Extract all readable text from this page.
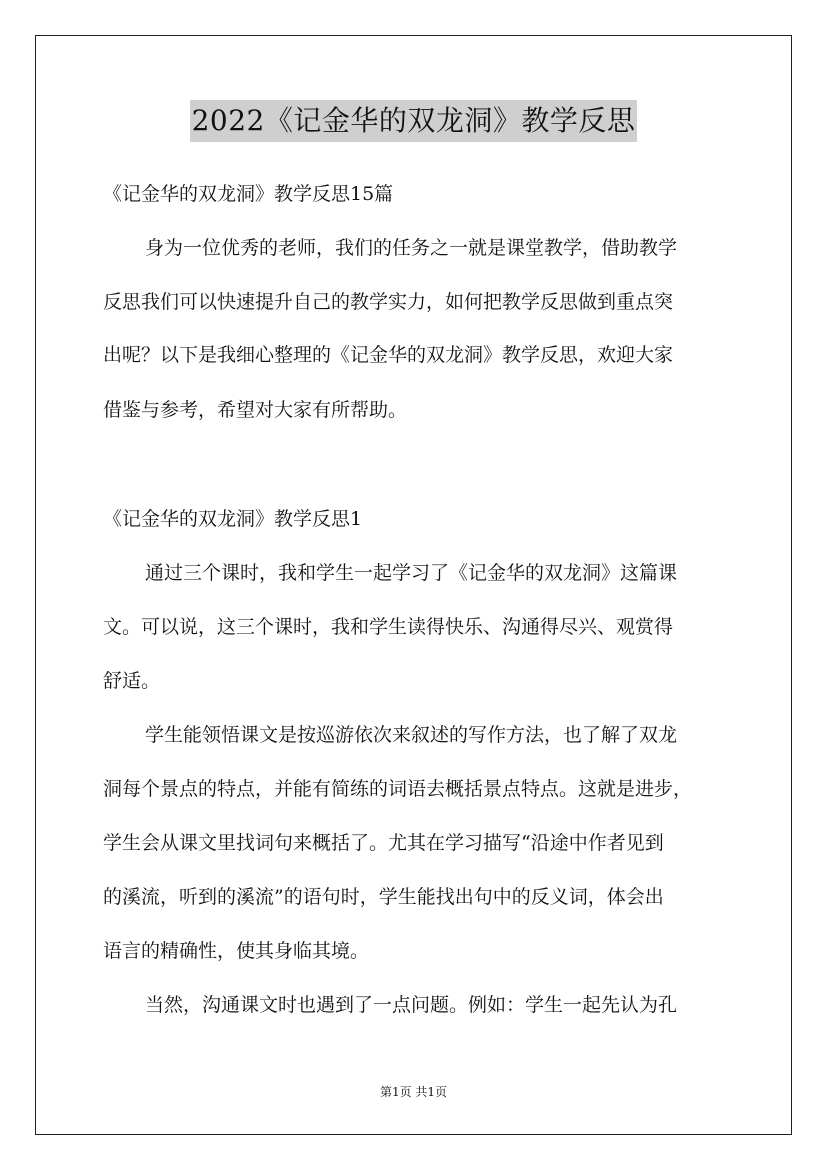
2022《记金华的双龙洞》教学反思
《记金华的双龙洞》教学反思15篇
身为一位优秀的老师，我们的任务之一就是课堂教学，借助教学
反思我们可以快速提升自己的教学实力，如何把教学反思做到重点突
出呢？以下是我细心整理的《记金华的双龙洞》教学反思，欢迎大家
借鉴与参考，希望对大家有所帮助。
《记金华的双龙洞》教学反思1
通过三个课时，我和学生一起学习了《记金华的双龙洞》这篇课
文。可以说，这三个课时，我和学生读得快乐、沟通得尽兴、观赏得
舒适。
学生能领悟课文是按巡游依次来叙述的写作方法，也了解了双龙
洞每个景点的特点，并能有简练的词语去概括景点特点。这就是进步，
学生会从课文里找词句来概括了。尤其在学习描写“沿途中作者见到
的溪流，听到的溪流”的语句时，学生能找出句中的反义词，体会出
语言的精确性，使其身临其境。
当然，沟通课文时也遇到了一点问题。例如：学生一起先认为孔
第1页 共1页
